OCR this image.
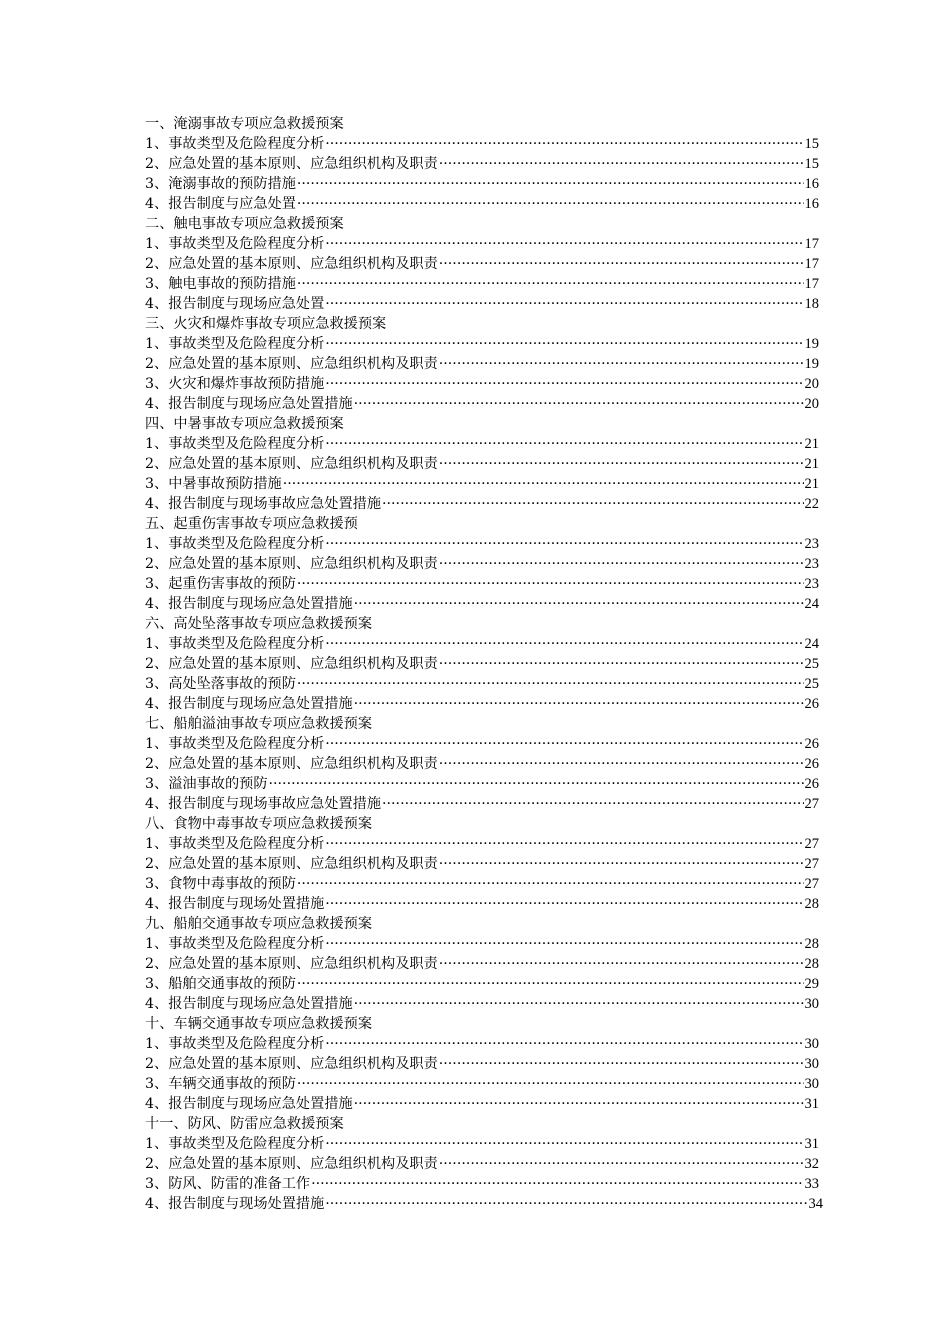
一、淹溺事故专项应急救援预案
1、事故类型及危险程度分析 ·····	15
2、应急处置的基本原则、应急组织机构及职责 ·····	15
3、淹溺事故的预防措施 ·····	16
4、报告制度与应急处置 ·····	16
二、触电事故专项应急救援预案
1、事故类型及危险程度分析 ·····	17
2、应急处置的基本原则、应急组织机构及职责 ·····	17
3、触电事故的预防措施 ·····	17
4、报告制度与现场应急处置 ·····	18
三、火灾和爆炸事故专项应急救援预案
1、事故类型及危险程度分析 ·····	19
2、应急处置的基本原则、应急组织机构及职责 ·····	19
3、火灾和爆炸事故预防措施 ·····	20
4、报告制度与现场应急处置措施 ·····	20
四、中暑事故专项应急救援预案
1、事故类型及危险程度分析 ·····	21
2、应急处置的基本原则、应急组织机构及职责 ·····	21
3、中暑事故预防措施 ·····	21
4、报告制度与现场事故应急处置措施 ·····	22
五、起重伤害事故专项应急救援预
1、事故类型及危险程度分析 ·····	23
2、应急处置的基本原则、应急组织机构及职责 ·····	23
3、起重伤害事故的预防 ·····	23
4、报告制度与现场应急处置措施 ·····	24
六、高处坠落事故专项应急救援预案
1、事故类型及危险程度分析 ·····	24
2、应急处置的基本原则、应急组织机构及职责 ·····	25
3、高处坠落事故的预防 ·····	25
4、报告制度与现场应急处置措施 ·····	26
七、船舶溢油事故专项应急救援预案
1、事故类型及危险程度分析 ·····	26
2、应急处置的基本原则、应急组织机构及职责 ·····	26
3、溢油事故的预防 ·····	26
4、报告制度与现场事故应急处置措施 ·····	27
八、食物中毒事故专项应急救援预案
1、事故类型及危险程度分析 ·····	27
2、应急处置的基本原则、应急组织机构及职责 ·····	27
3、食物中毒事故的预防 ·····	27
4、报告制度与现场处置措施 ·····	28
九、船舶交通事故专项应急救援预案
1、事故类型及危险程度分析 ·····	28
2、应急处置的基本原则、应急组织机构及职责 ·····	28
3、船舶交通事故的预防 ·····	29
4、报告制度与现场应急处置措施 ·····	30
十、车辆交通事故专项应急救援预案
1、事故类型及危险程度分析 ·····	30
2、应急处置的基本原则、应急组织机构及职责 ·····	30
3、车辆交通事故的预防 ·····	30
4、报告制度与现场应急处置措施 ·····	31
十一、防风、防雷应急救援预案
1、事故类型及危险程度分析 ·····	31
2、应急处置的基本原则、应急组织机构及职责 ·····	32
3、防风、防雷的准备工作 ·····	33
4、报告制度与现场处置措施 ·····	34
